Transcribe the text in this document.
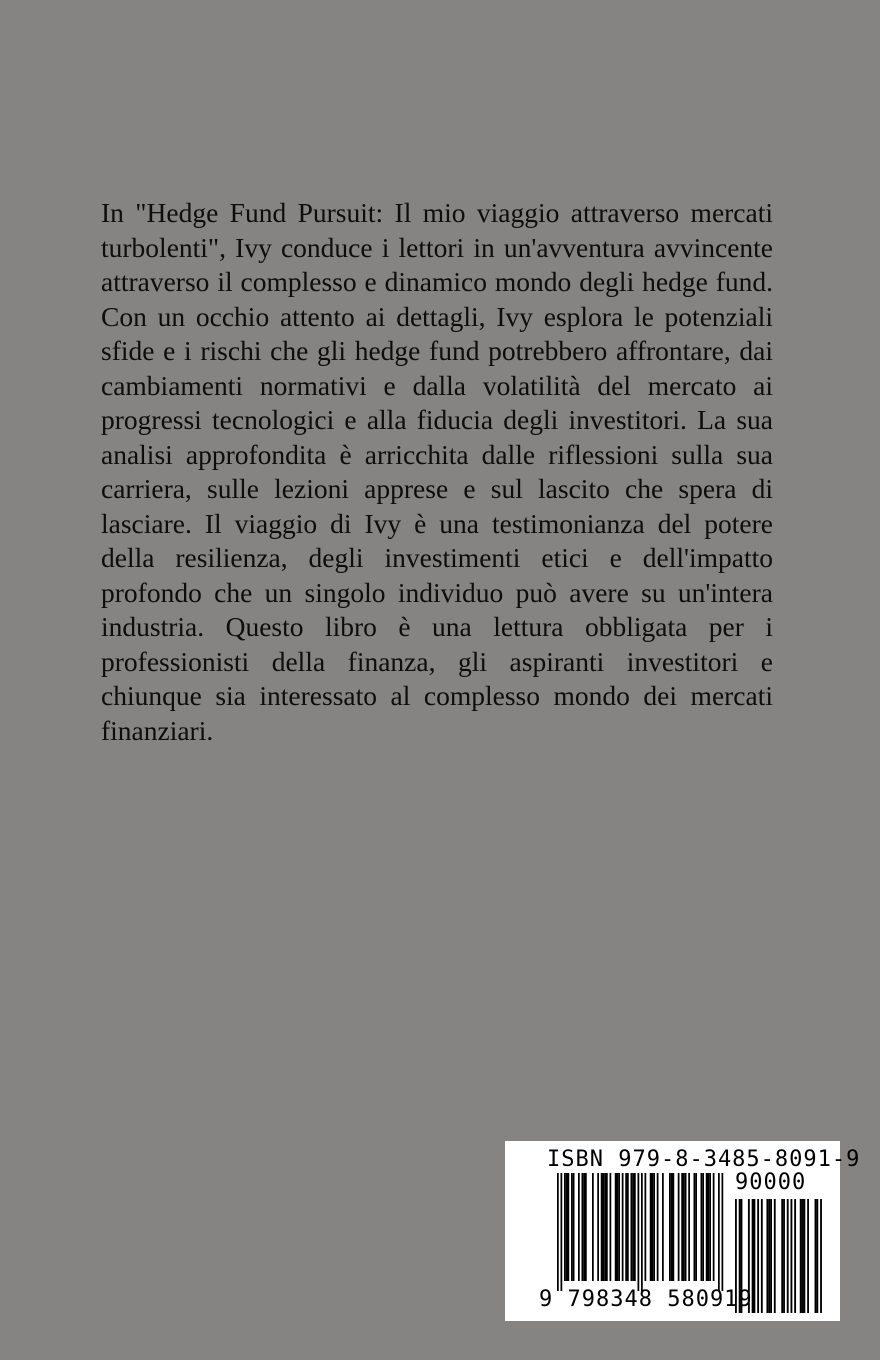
In "Hedge Fund Pursuit: Il mio viaggio attraverso mercati turbolenti", Ivy conduce i lettori in un'avventura avvincente attraverso il complesso e dinamico mondo degli hedge fund. Con un occhio attento ai dettagli, Ivy esplora le potenziali sfide e i rischi che gli hedge fund potrebbero affrontare, dai cambiamenti normativi e dalla volatilità del mercato ai progressi tecnologici e alla fiducia degli investitori. La sua analisi approfondita è arricchita dalle riflessioni sulla sua carriera, sulle lezioni apprese e sul lascito che spera di lasciare. Il viaggio di Ivy è una testimonianza del potere della resilienza, degli investimenti etici e dell'impatto profondo che un singolo individuo può avere su un'intera industria. Questo libro è una lettura obbligata per i professionisti della finanza, gli aspiranti investitori e chiunque sia interessato al complesso mondo dei mercati finanziari.

ISBN 979-8-3485-8091-9
90000
9 798348 580919
